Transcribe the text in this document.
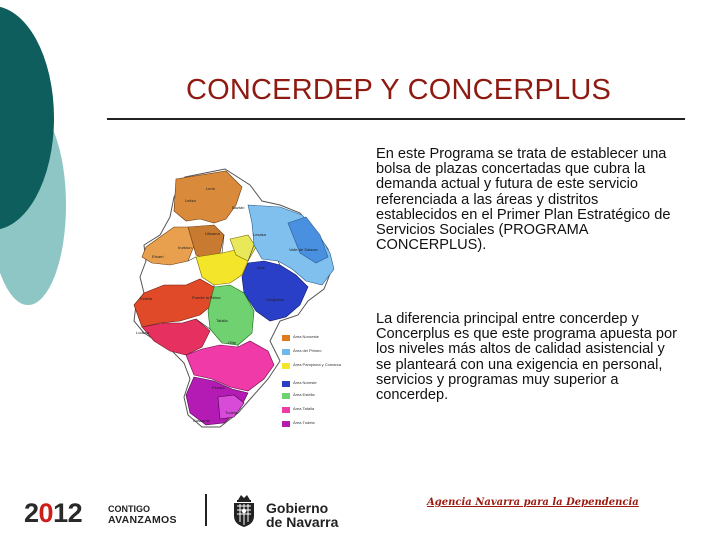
CONCERDEP Y CONCERPLUS
En este Programa se trata de establecer una bolsa de plazas concertadas que cubra la demanda actual y futura de este servicio referenciada a las áreas y distritos establecidos en el Primer Plan Estratégico de Servicios Sociales (PROGRAMA CONCERPLUS).
La diferencia principal entre concerdep y Concerplus es que este programa apuesta por los niveles más altos de calidad asistencial y se planteará con una exigencia en personal, servicios y programas muy superior a concerdep.
Lerín
Baztán
Leitza
Ultzama
Irurtzun
Etxarri
Lesaka
Puente la Reina
Tafalla
Olite
Estella	Sangüesa
Aoiz
Lodosa
Tudela
Cascante
Peralta
Valle de Salazar
Área Noroeste
Área del Pirineo
Área Pamplona y Comarca
Área Noreste
Área Estella
Área Tafalla
Área Tudela
2012	CONTIGO
AVANZAMOS
Gobierno
de Navarra
Agencia Navarra para la Dependencia
